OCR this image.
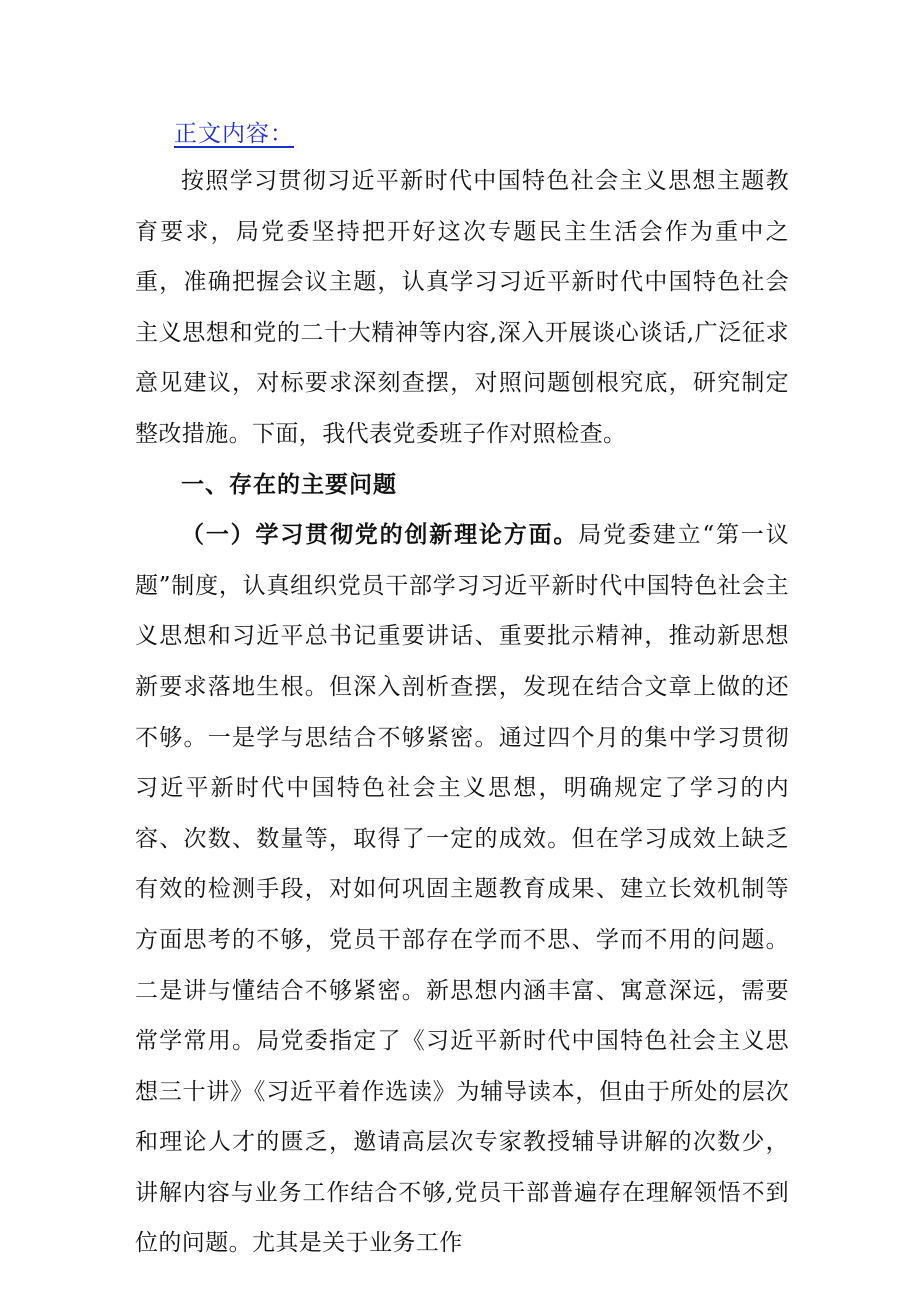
正文内容：

按照学习贯彻习近平新时代中国特色社会主义思想主题教育要求，局党委坚持把开好这次专题民主生活会作为重中之重，准确把握会议主题，认真学习习近平新时代中国特色社会主义思想和党的二十大精神等内容,深入开展谈心谈话,广泛征求意见建议，对标要求深刻查摆，对照问题刨根究底，研究制定整改措施。下面，我代表党委班子作对照检查。

一、存在的主要问题

（一）学习贯彻党的创新理论方面。局党委建立“第一议题”制度，认真组织党员干部学习习近平新时代中国特色社会主义思想和习近平总书记重要讲话、重要批示精神，推动新思想新要求落地生根。但深入剖析查摆，发现在结合文章上做的还不够。一是学与思结合不够紧密。通过四个月的集中学习贯彻习近平新时代中国特色社会主义思想，明确规定了学习的内容、次数、数量等，取得了一定的成效。但在学习成效上缺乏有效的检测手段，对如何巩固主题教育成果、建立长效机制等方面思考的不够，党员干部存在学而不思、学而不用的问题。二是讲与懂结合不够紧密。新思想内涵丰富、寓意深远，需要常学常用。局党委指定了《习近平新时代中国特色社会主义思想三十讲》《习近平着作选读》为辅导读本，但由于所处的层次和理论人才的匮乏，邀请高层次专家教授辅导讲解的次数少，讲解内容与业务工作结合不够,党员干部普遍存在理解领悟不到位的问题。尤其是关于业务工作
